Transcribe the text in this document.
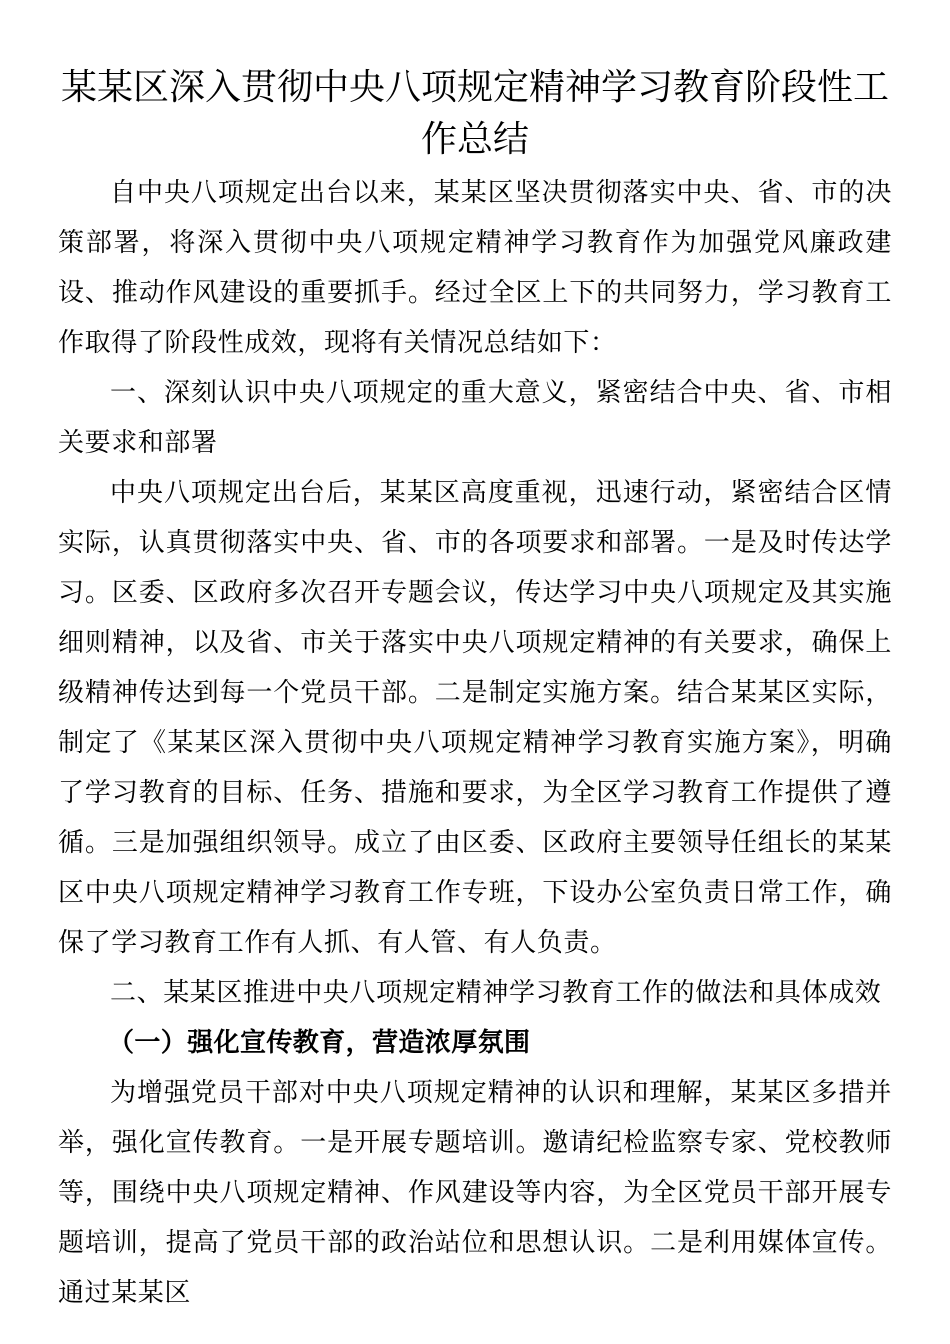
某某区深入贯彻中央八项规定精神学习教育阶段性工作总结

自中央八项规定出台以来，某某区坚决贯彻落实中央、省、市的决策部署，将深入贯彻中央八项规定精神学习教育作为加强党风廉政建设、推动作风建设的重要抓手。经过全区上下的共同努力，学习教育工作取得了阶段性成效，现将有关情况总结如下：

一、深刻认识中央八项规定的重大意义，紧密结合中央、省、市相关要求和部署

中央八项规定出台后，某某区高度重视，迅速行动，紧密结合区情实际，认真贯彻落实中央、省、市的各项要求和部署。一是及时传达学习。区委、区政府多次召开专题会议，传达学习中央八项规定及其实施细则精神，以及省、市关于落实中央八项规定精神的有关要求，确保上级精神传达到每一个党员干部。二是制定实施方案。结合某某区实际，制定了《某某区深入贯彻中央八项规定精神学习教育实施方案》，明确了学习教育的目标、任务、措施和要求，为全区学习教育工作提供了遵循。三是加强组织领导。成立了由区委、区政府主要领导任组长的某某区中央八项规定精神学习教育工作专班，下设办公室负责日常工作，确保了学习教育工作有人抓、有人管、有人负责。

二、某某区推进中央八项规定精神学习教育工作的做法和具体成效

（一）强化宣传教育，营造浓厚氛围

为增强党员干部对中央八项规定精神的认识和理解，某某区多措并举，强化宣传教育。一是开展专题培训。邀请纪检监察专家、党校教师等，围绕中央八项规定精神、作风建设等内容，为全区党员干部开展专题培训，提高了党员干部的政治站位和思想认识。二是利用媒体宣传。通过某某区
